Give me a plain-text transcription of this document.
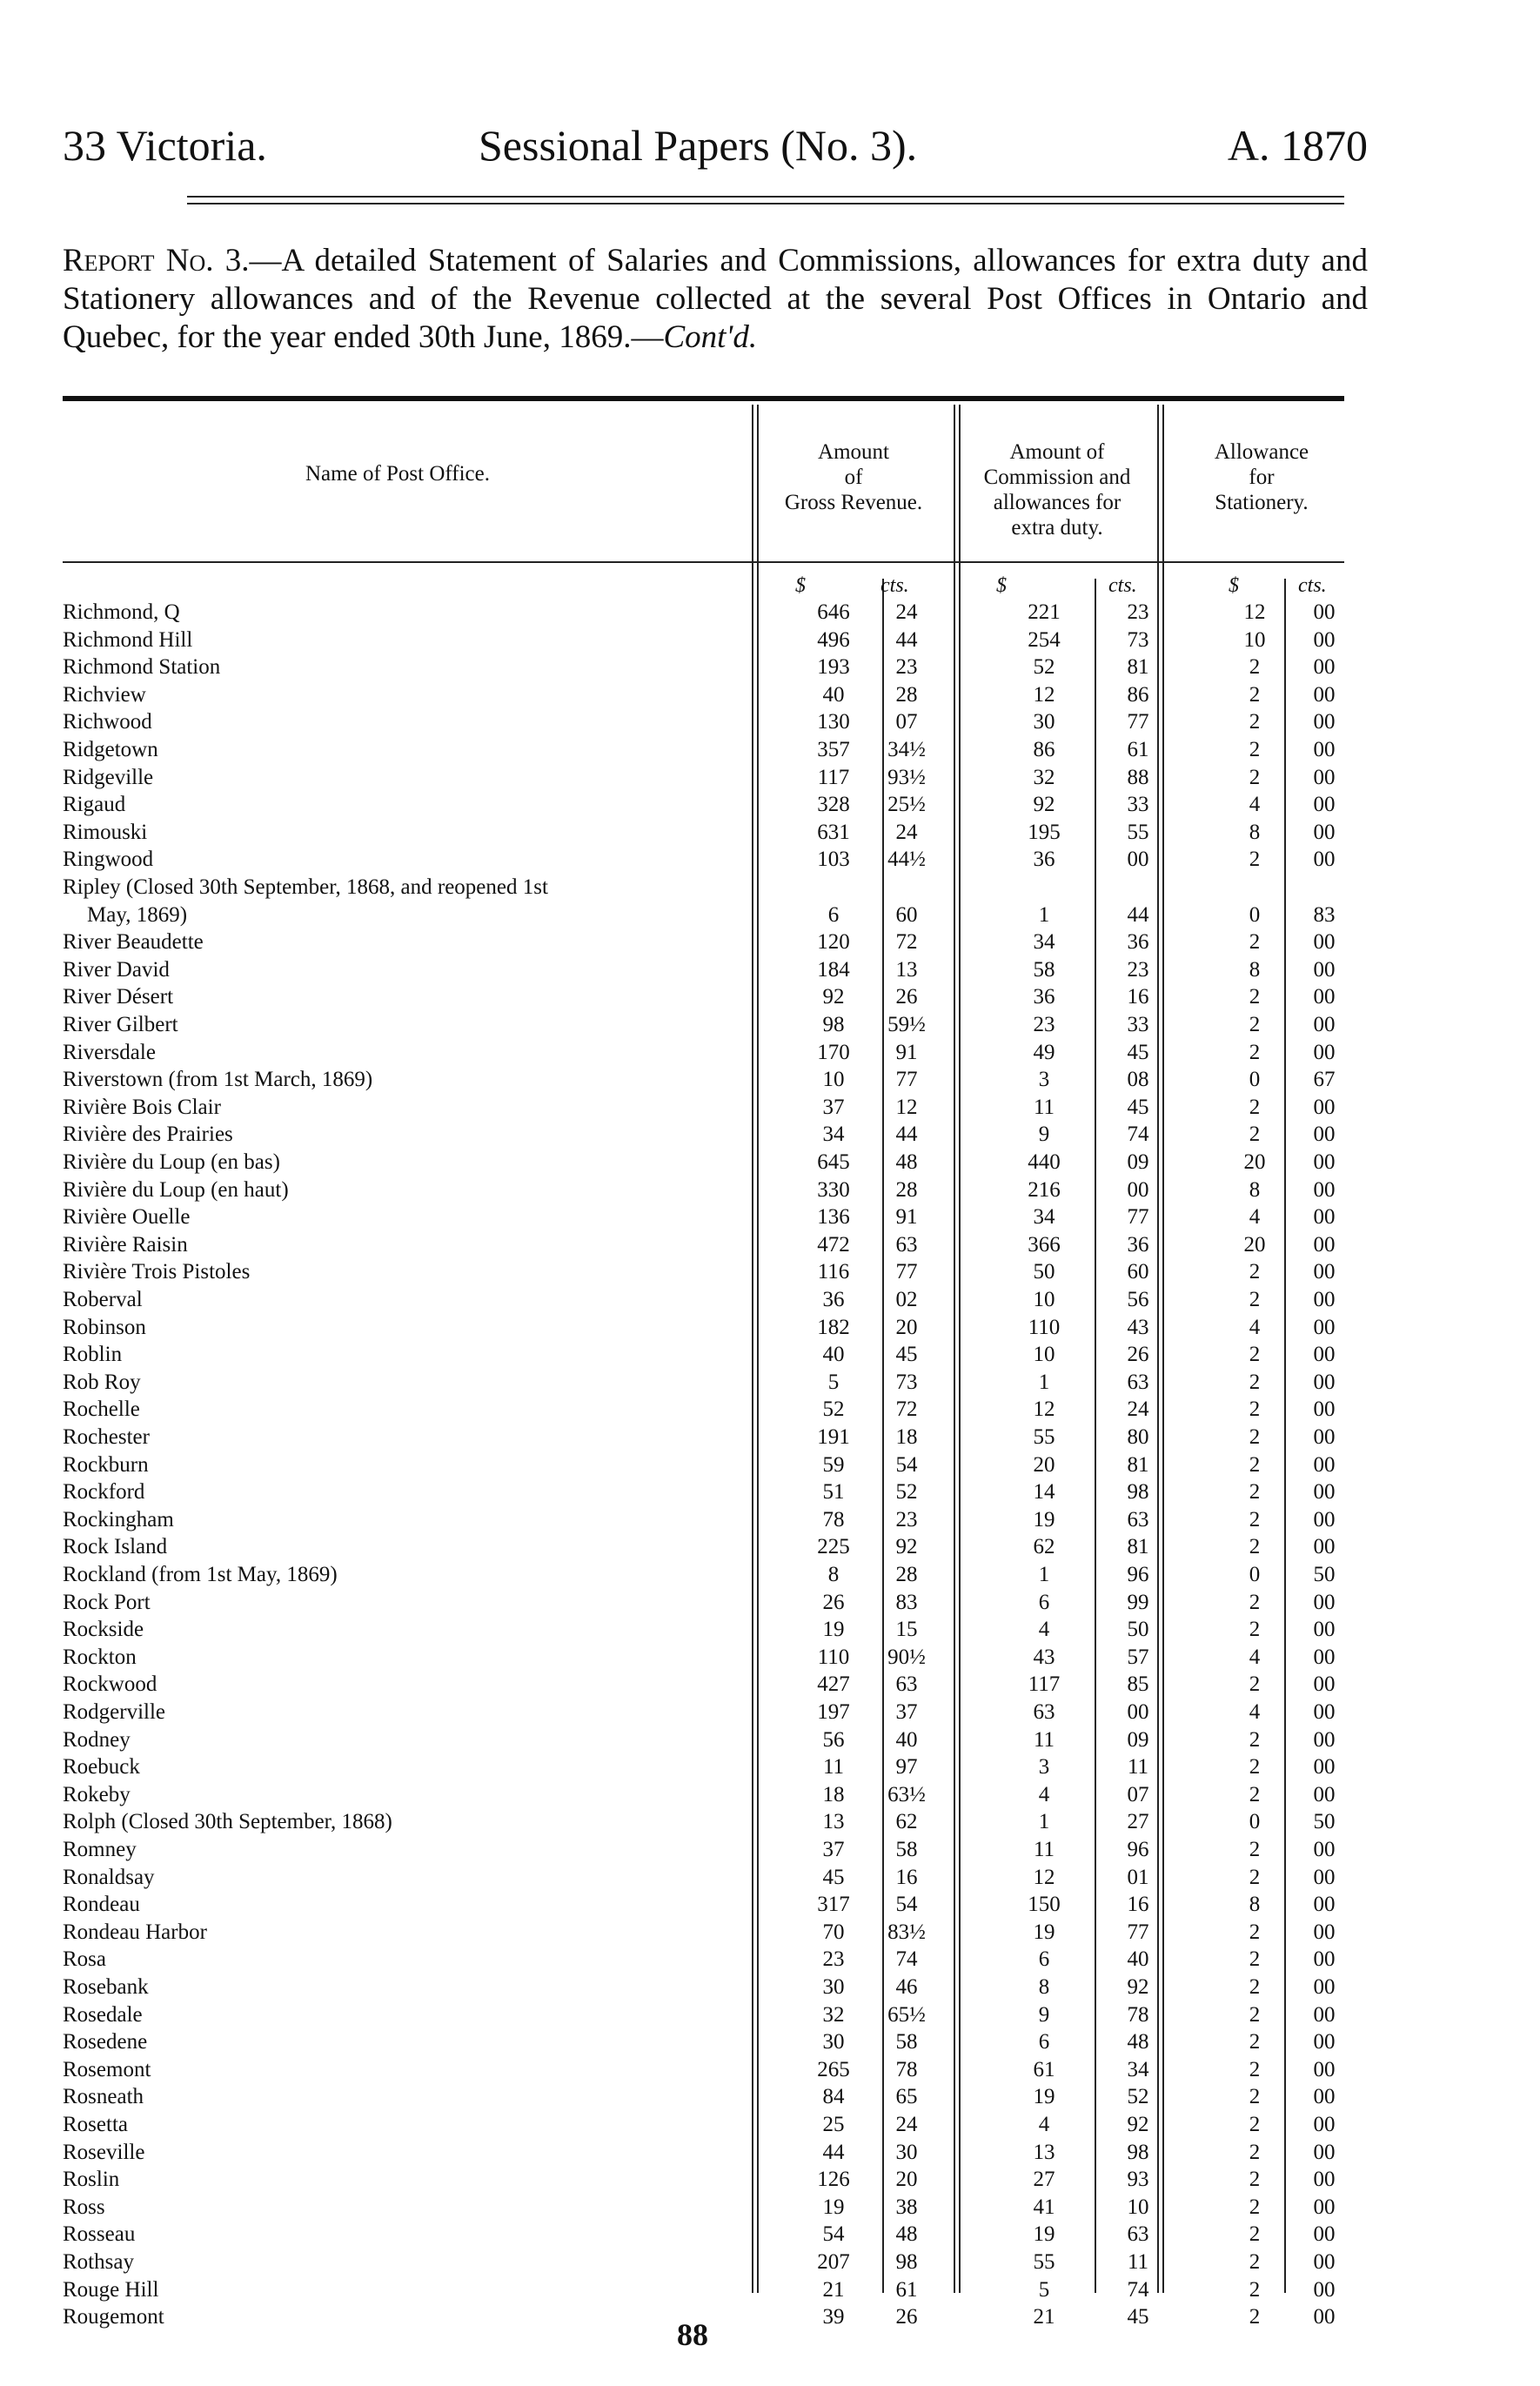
33 Victoria.	Sessional Papers (No. 3).	A. 1870
Report No. 3.—A detailed Statement of Salaries and Commissions, allowances for extra duty and Stationery allowances and of the Revenue collected at the several Post Offices in Ontario and Quebec, for the year ended 30th June, 1869.—Cont'd.
Name of Post Office.
Amount
of
Gross Revenue.
Amount of
Commission and
allowances for
extra duty.
Allowance
for
Stationery.
$	cts.	$	cts.	$	cts.
Richmond, Q	646	24	221	23	12	00
Richmond Hill	496	44	254	73	10	00
Richmond Station	193	23	52	81	2	00
Richview	40	28	12	86	2	00
Richwood	130	07	30	77	2	00
Ridgetown	357	34½	86	61	2	00
Ridgeville	117	93½	32	88	2	00
Rigaud	328	25½	92	33	4	00
Rimouski	631	24	195	55	8	00
Ringwood	103	44½	36	00	2	00
Ripley (Closed 30th September, 1868, and reopened 1st
May, 1869)	6	60	1	44	0	83
River Beaudette	120	72	34	36	2	00
River David	184	13	58	23	8	00
River Désert	92	26	36	16	2	00
River Gilbert	98	59½	23	33	2	00
Riversdale	170	91	49	45	2	00
Riverstown (from 1st March, 1869)	10	77	3	08	0	67
Rivière Bois Clair	37	12	11	45	2	00
Rivière des Prairies	34	44	9	74	2	00
Rivière du Loup (en bas)	645	48	440	09	20	00
Rivière du Loup (en haut)	330	28	216	00	8	00
Rivière Ouelle	136	91	34	77	4	00
Rivière Raisin	472	63	366	36	20	00
Rivière Trois Pistoles	116	77	50	60	2	00
Roberval	36	02	10	56	2	00
Robinson	182	20	110	43	4	00
Roblin	40	45	10	26	2	00
Rob Roy	5	73	1	63	2	00
Rochelle	52	72	12	24	2	00
Rochester	191	18	55	80	2	00
Rockburn	59	54	20	81	2	00
Rockford	51	52	14	98	2	00
Rockingham	78	23	19	63	2	00
Rock Island	225	92	62	81	2	00
Rockland (from 1st May, 1869)	8	28	1	96	0	50
Rock Port	26	83	6	99	2	00
Rockside	19	15	4	50	2	00
Rockton	110	90½	43	57	4	00
Rockwood	427	63	117	85	2	00
Rodgerville	197	37	63	00	4	00
Rodney	56	40	11	09	2	00
Roebuck	11	97	3	11	2	00
Rokeby	18	63½	4	07	2	00
Rolph (Closed 30th September, 1868)	13	62	1	27	0	50
Romney	37	58	11	96	2	00
Ronaldsay	45	16	12	01	2	00
Rondeau	317	54	150	16	8	00
Rondeau Harbor	70	83½	19	77	2	00
Rosa	23	74	6	40	2	00
Rosebank	30	46	8	92	2	00
Rosedale	32	65½	9	78	2	00
Rosedene	30	58	6	48	2	00
Rosemont	265	78	61	34	2	00
Rosneath	84	65	19	52	2	00
Rosetta	25	24	4	92	2	00
Roseville	44	30	13	98	2	00
Roslin	126	20	27	93	2	00
Ross	19	38	41	10	2	00
Rosseau	54	48	19	63	2	00
Rothsay	207	98	55	11	2	00
Rouge Hill	21	61	5	74	2	00
Rougemont	39	26	21	45	2	00
88
